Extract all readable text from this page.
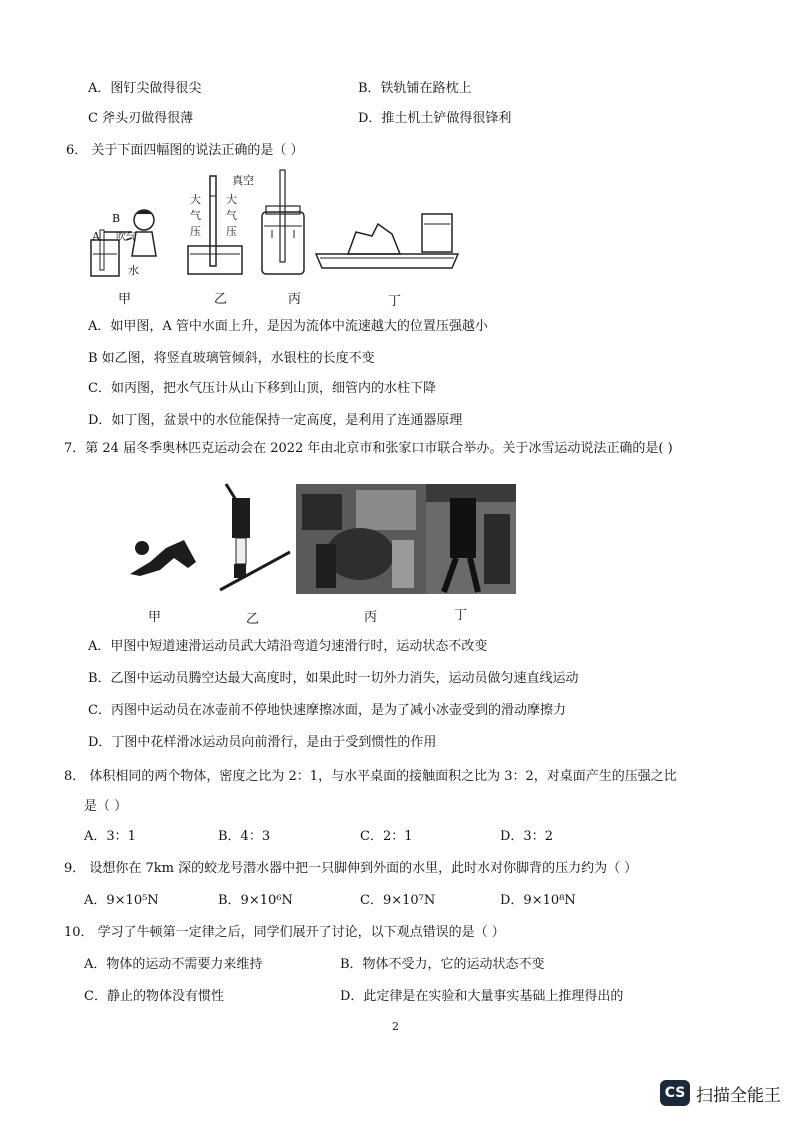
A．图钉尖做得很尖	B．铁轨铺在路枕上
C 斧头刃做得很薄	D．推土机土铲做得很锋利
6． 关于下面四幅图的说法正确的是（ ）
B
A 吹气
水
真空
大气压
大气压
甲	乙	丙	丁
A．如甲图，A 管中水面上升，是因为流体中流速越大的位置压强越小
B 如乙图，将竖直玻璃管倾斜，水银柱的长度不变
C．如丙图，把水气压计从山下移到山顶，细管内的水柱下降
D．如丁图，盆景中的水位能保持一定高度，是利用了连通器原理
7．第 24 届冬季奥林匹克运动会在 2022 年由北京市和张家口市联合举办。关于冰雪运动说法正确的是( )
甲	乙	丙	丁
A．甲图中短道速滑运动员武大靖沿弯道匀速滑行时，运动状态不改变
B．乙图中运动员腾空达最大高度时，如果此时一切外力消失，运动员做匀速直线运动
C．丙图中运动员在冰壶前不停地快速摩擦冰面，是为了减小冰壶受到的滑动摩擦力
D．丁图中花样滑冰运动员向前滑行，是由于受到惯性的作用
8． 体积相同的两个物体，密度之比为 2：1，与水平桌面的接触面积之比为 3：2，对桌面产生的压强之比
是（ ）
A．3：1	B．4：3	C．2：1	D．3：2
9． 设想你在 7km 深的蛟龙号潜水器中把一只脚伸到外面的水里，此时水对你脚背的压力约为（ ）
A．9×10⁵N	B．9×10⁶N	C．9×10⁷N	D．9×10⁸N
10． 学习了牛顿第一定律之后，同学们展开了讨论，以下观点错误的是（ ）
A．物体的运动不需要力来维持	B．物体不受力，它的运动状态不变
C．静止的物体没有惯性	D．此定律是在实验和大量事实基础上推理得出的
2
CS 扫描全能王
